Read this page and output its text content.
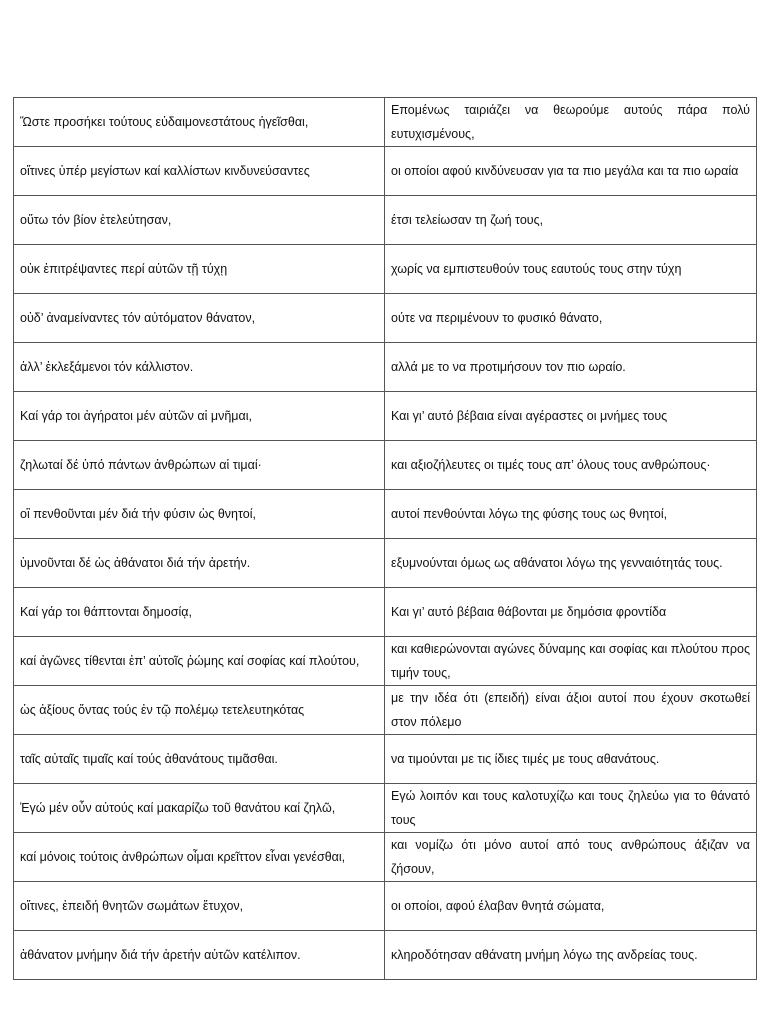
Ὥστε προσήκει τούτους εὐδαιμονεστάτους ἡγεῖσθαι,	Επομένως ταιριάζει να θεωρούμε αυτούς πάρα πολύ ευτυχισμένους,
οἵτινες ὑπέρ μεγίστων καί καλλίστων κινδυνεύσαντες	οι οποίοι αφού κινδύνευσαν για τα πιο μεγάλα και τα πιο ωραία
οὕτω τόν βίον ἐτελεύτησαν,	έτσι τελείωσαν τη ζωή τους,
οὐκ ἐπιτρέψαντες περί αὑτῶν τῇ τύχῃ	χωρίς να εμπιστευθούν τους εαυτούς τους στην τύχη
οὐδ’ ἀναμείναντες τόν αὐτόματον θάνατον,	ούτε να περιμένουν το φυσικό θάνατο,
ἀλλ’ ἐκλεξάμενοι τόν κάλλιστον.	αλλά με το να προτιμήσουν τον πιο ωραίο.
Καί γάρ τοι ἀγήρατοι μέν αὐτῶν αἱ μνῆμαι,	Και γι’ αυτό βέβαια είναι αγέραστες οι μνήμες τους
ζηλωταί δέ ὑπό πάντων ἀνθρώπων αἱ τιμαί·	και αξιοζήλευτες οι τιμές τους απ’ όλους τους ανθρώπους·
οἳ πενθοῦνται μέν διά τήν φύσιν ὡς θνητοί,	αυτοί πενθούνται λόγω της φύσης τους ως θνητοί,
ὑμνοῦνται δέ ὡς ἀθάνατοι διά τήν ἀρετήν.	εξυμνούνται όμως ως αθάνατοι λόγω της γενναιότητάς τους.
Καί γάρ τοι θάπτονται δημοσίᾳ,	Και γι’ αυτό βέβαια θάβονται με δημόσια φροντίδα
καί ἀγῶνες τίθενται ἐπ’ αὐτοῖς ῥώμης καί σοφίας καί πλούτου,	και καθιερώνονται αγώνες δύναμης και σοφίας και πλούτου προς τιμήν τους,
ὡς ἀξίους ὄντας τούς ἐν τῷ πολέμῳ τετελευτηκότας	με την ιδέα ότι (επειδή) είναι άξιοι αυτοί που έχουν σκοτωθεί στον πόλεμο
ταῖς αὐταῖς τιμαῖς καί τούς ἀθανάτους τιμᾶσθαι.	να τιμούνται με τις ίδιες τιμές με τους αθανάτους.
Ἐγώ μέν οὖν αὐτούς καί μακαρίζω τοῦ θανάτου καί ζηλῶ,	Εγώ λοιπόν και τους καλοτυχίζω και τους ζηλεύω για το θάνατό τους
καί μόνοις τούτοις ἀνθρώπων οἶμαι κρεῖττον εἶναι γενέσθαι,	και νομίζω ότι μόνο αυτοί από τους ανθρώπους άξιζαν να ζήσουν,
οἵτινες, ἐπειδή θνητῶν σωμάτων ἔτυχον,	οι οποίοι, αφού έλαβαν θνητά σώματα,
ἀθάνατον μνήμην διά τήν ἀρετήν αὑτῶν κατέλιπον.	κληροδότησαν αθάνατη μνήμη λόγω της ανδρείας τους.
